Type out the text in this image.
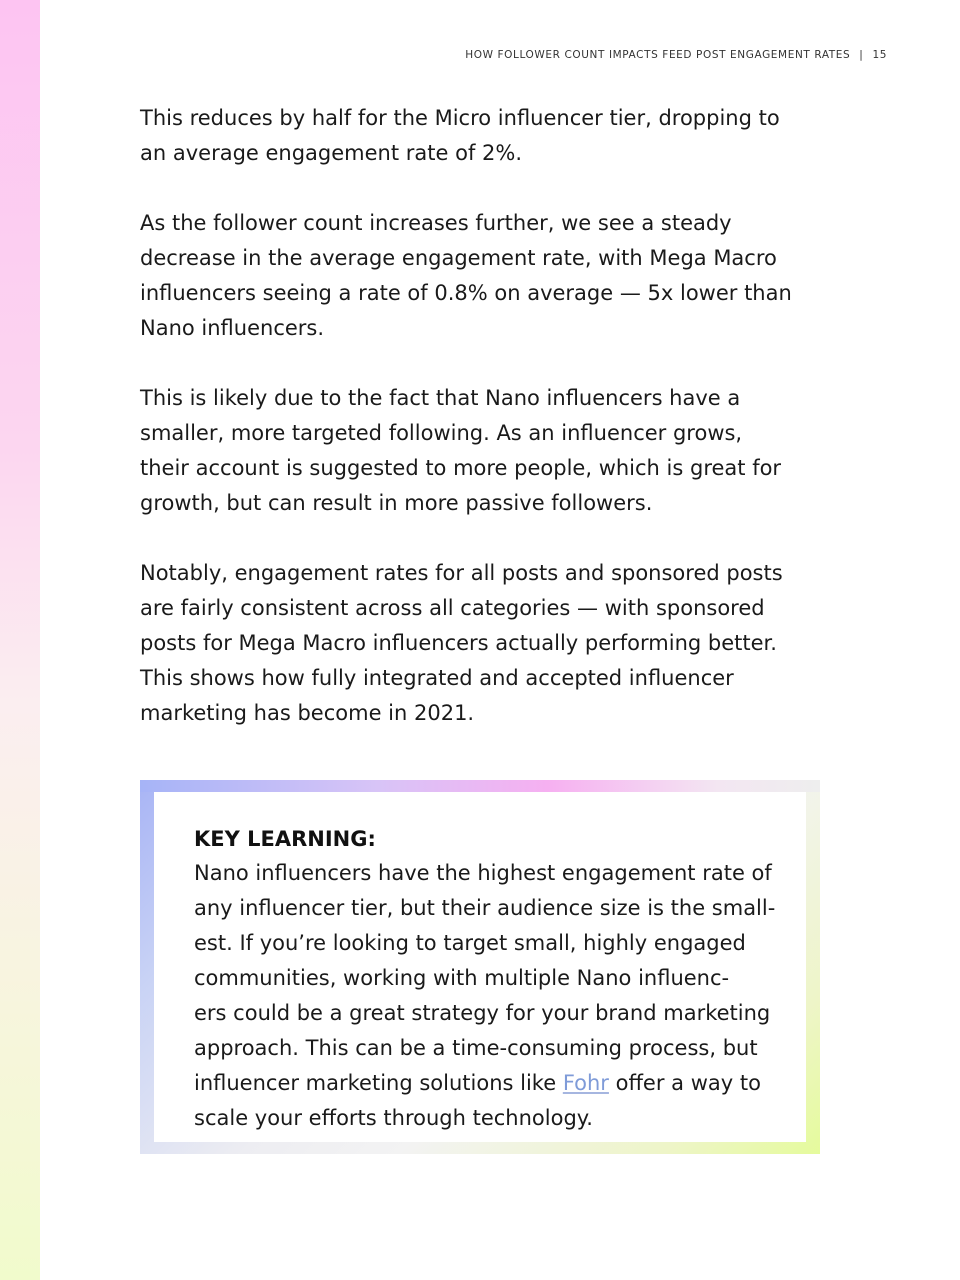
HOW FOLLOWER COUNT IMPACTS FEED POST ENGAGEMENT RATES | 15

This reduces by half for the Micro influencer tier, dropping to
an average engagement rate of 2%.

As the follower count increases further, we see a steady
decrease in the average engagement rate, with Mega Macro
influencers seeing a rate of 0.8% on average — 5x lower than
Nano influencers.

This is likely due to the fact that Nano influencers have a
smaller, more targeted following. As an influencer grows,
their account is suggested to more people, which is great for
growth, but can result in more passive followers.

Notably, engagement rates for all posts and sponsored posts
are fairly consistent across all categories — with sponsored
posts for Mega Macro influencers actually performing better.
This shows how fully integrated and accepted influencer
marketing has become in 2021.

KEY LEARNING:

Nano influencers have the highest engagement rate of
any influencer tier, but their audience size is the small-
est. If you’re looking to target small, highly engaged
communities, working with multiple Nano influenc-
ers could be a great strategy for your brand marketing
approach. This can be a time-consuming process, but
influencer marketing solutions like Fohr offer a way to
scale your efforts through technology.
